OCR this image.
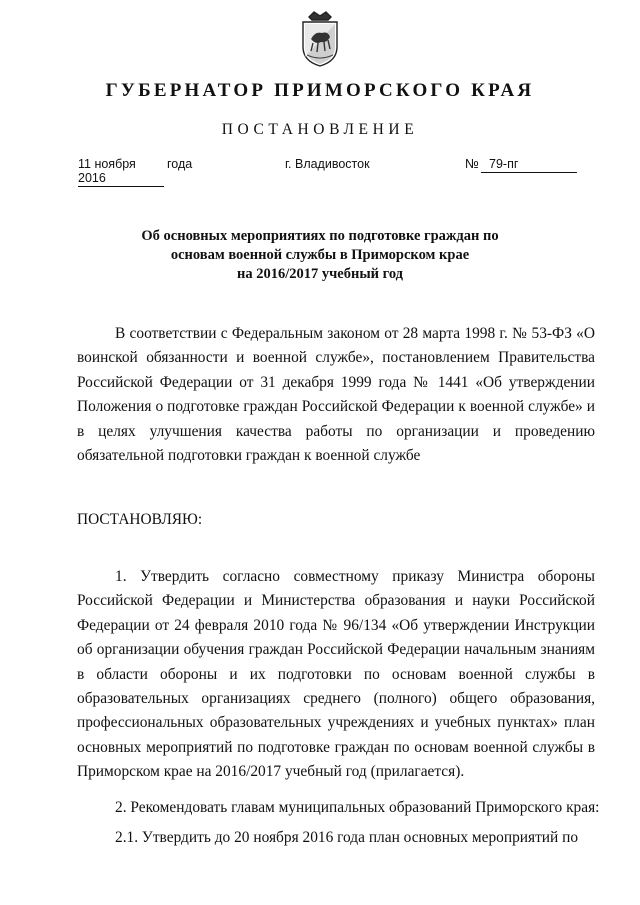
ГУБЕРНАТОР ПРИМОРСКОГО КРАЯ
ПОСТАНОВЛЕНИЕ
11 ноября 2016
года	г. Владивосток	№ 79-пг
Об основных мероприятиях по подготовке граждан по
основам военной службы в Приморском крае
на 2016/2017 учебный год
В соответствии с Федеральным законом от 28 марта 1998 г. № 53-ФЗ «О воинской обязанности и военной службе», постановлением Правительства Российской Федерации от 31 декабря 1999 года № 1441 «Об утверждении Положения о подготовке граждан Российской Федерации к военной службе» и в целях улучшения качества работы по организации и проведению обязательной подготовки граждан к военной службе
ПОСТАНОВЛЯЮ:
1. Утвердить согласно совместному приказу Министра обороны Российской Федерации и Министерства образования и науки Российской Федерации от 24 февраля 2010 года № 96/134 «Об утверждении Инструкции об организации обучения граждан Российской Федерации начальным знаниям в области обороны и их подготовки по основам военной службы в образовательных организациях среднего (полного) общего образования, профессиональных образовательных учреждениях и учебных пунктах» план основных мероприятий по подготовке граждан по основам военной службы в Приморском крае на 2016/2017 учебный год (прилагается).
2. Рекомендовать главам муниципальных образований Приморского края:
2.1. Утвердить до 20 ноября 2016 года план основных мероприятий по
